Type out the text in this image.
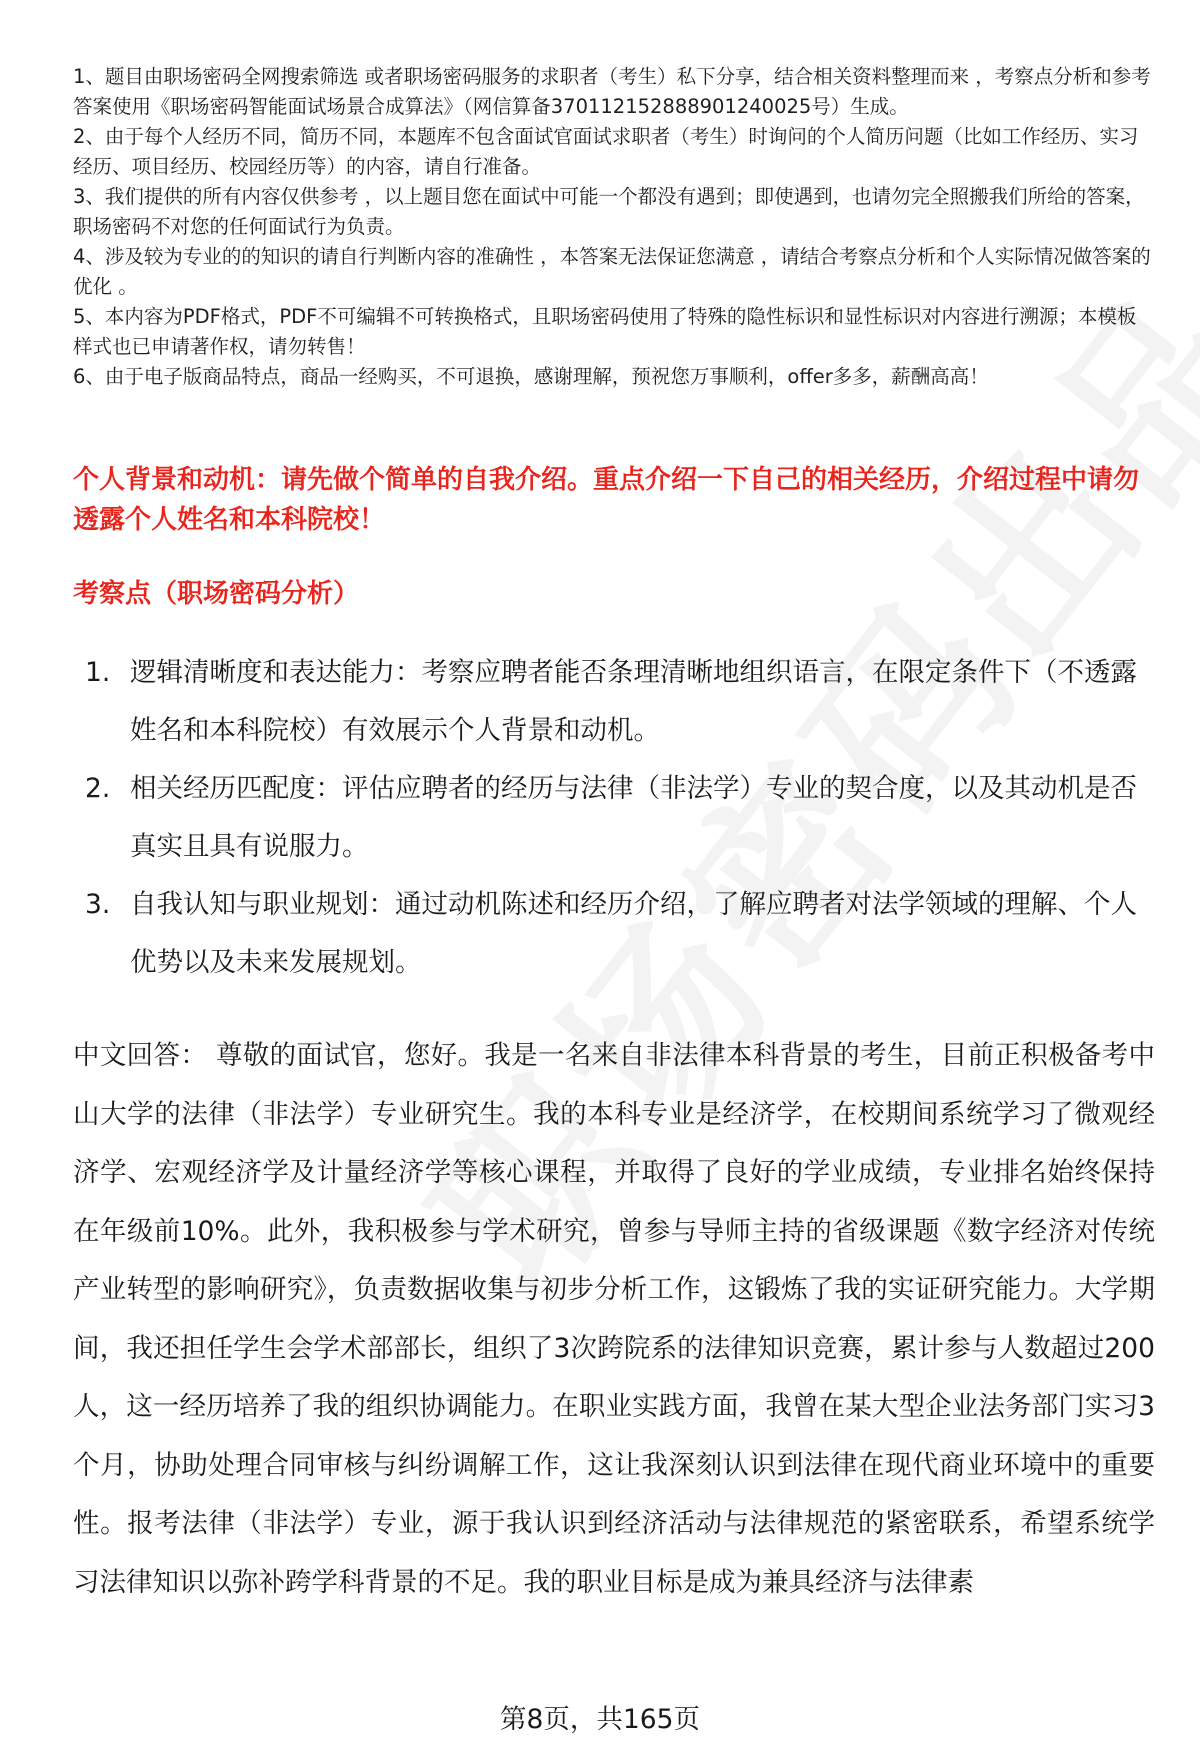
1、题目由职场密码全网搜索筛选 或者职场密码服务的求职者（考生）私下分享，结合相关资料整理而来 ，考察点分析和参考答案使用《职场密码智能面试场景合成算法》（网信算备370112152888901240025号）生成。

2、由于每个人经历不同，简历不同，本题库不包含面试官面试求职者（考生）时询问的个人简历问题（比如工作经历、实习经历、项目经历、校园经历等）的内容，请自行准备。

3、我们提供的所有内容仅供参考 ，以上题目您在面试中可能一个都没有遇到；即使遇到，也请勿完全照搬我们所给的答案，职场密码不对您的任何面试行为负责。

4、涉及较为专业的的知识的请自行判断内容的准确性 ，本答案无法保证您满意 ，请结合考察点分析和个人实际情况做答案的优化 。

5、本内容为PDF格式，PDF不可编辑不可转换格式，且职场密码使用了特殊的隐性标识和显性标识对内容进行溯源；本模板样式也已申请著作权，请勿转售！

6、由于电子版商品特点，商品一经购买，不可退换，感谢理解，预祝您万事顺利，offer多多，薪酬高高！

个人背景和动机：请先做个简单的自我介绍。重点介绍一下自己的相关经历，介绍过程中请勿透露个人姓名和本科院校！

考察点（职场密码分析）

1. 逻辑清晰度和表达能力：考察应聘者能否条理清晰地组织语言，在限定条件下（不透露姓名和本科院校）有效展示个人背景和动机。
2. 相关经历匹配度：评估应聘者的经历与法律（非法学）专业的契合度，以及其动机是否真实且具有说服力。
3. 自我认知与职业规划：通过动机陈述和经历介绍，了解应聘者对法学领域的理解、个人优势以及未来发展规划。

中文回答： 尊敬的面试官，您好。我是一名来自非法律本科背景的考生，目前正积极备考中山大学的法律（非法学）专业研究生。我的本科专业是经济学，在校期间系统学习了微观经济学、宏观经济学及计量经济学等核心课程，并取得了良好的学业成绩，专业排名始终保持在年级前10%。此外，我积极参与学术研究，曾参与导师主持的省级课题《数字经济对传统产业转型的影响研究》，负责数据收集与初步分析工作，这锻炼了我的实证研究能力。大学期间，我还担任学生会学术部部长，组织了3次跨院系的法律知识竞赛，累计参与人数超过200人，这一经历培养了我的组织协调能力。在职业实践方面，我曾在某大型企业法务部门实习3个月，协助处理合同审核与纠纷调解工作，这让我深刻认识到法律在现代商业环境中的重要性。报考法律（非法学）专业，源于我认识到经济活动与法律规范的紧密联系，希望系统学习法律知识以弥补跨学科背景的不足。我的职业目标是成为兼具经济与法律素

第8页，共165页
